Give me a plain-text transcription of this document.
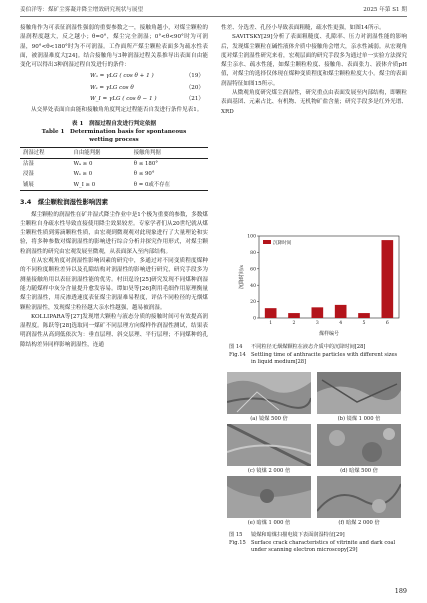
姜伯洋等：煤矿尘雾凝并降尘增效研究现状与展望	2025 年第 S1 期

接触角作为可表征润湿性强弱的重要参数之一，接触角越小，对煤尘颗粒的湿润程度越大，反之越小；θ=0°，煤尘完全润湿；0°<θ<90°时为可润湿，90°<θ<180°时为不可润湿。工作面所产煤尘颗粒表面多为疏水性表面，被润湿难度大[24]。结合接触角与3种润湿过程关系推导出表面自由能变化可以得出3种润湿过程自发进行的条件：

Wₐ = γLG ( cos θ + 1 )	（19）
Wₛ = γLG cos θ	（20）
W_I = γLG ( cos θ − 1 )	（21）

从交界处表面自由能和接触角角度判定过程能否自发进行条件见表1。

表 1　润湿过程自发进行判定依据
Table 1　Determination basis for spontaneous
wetting process
润湿过程	自由能判据	接触角判据
沾湿	Wₐ ≥ 0	θ ≤ 180°
浸湿	Wₛ ≥ 0	θ ≤ 90°
铺展	W_I ≥ 0	θ = 0或不存在
3.4　煤尘颗粒润湿性影响因素

煤尘颗粒的润湿性在矿井湿式降尘作业中是1个极为重要的参数，多数煤尘颗粒自身疏水性导致直接使用降尘效果较差。专家学者们从20世纪就从煤尘颗粒性质到雾滴颗粒性质，由宏观到微观观对此现象进行了大量理论和实验，将多种参数对煤润湿性的影响进行综合分析并探究作用形式，对煤尘颗粒润湿性的研究由宏观发展至微观，从表面深入至内部结构。

在从宏观角度对润湿性影响因素的研究中，多通过对不同变质程度煤种的不同粒度颗粒差异以及孔隙结构对润湿性的影响进行研究，研究手段多为测量接触角用以表征润湿性能的优劣。村田逞诠[25]研究发现不同煤种润湿能力随煤样中灰分含量提升愈发容易。谭如昊等[26]利用毛细作用原理衡量煤尘润湿性，用反渗透速度表征煤尘润湿难易程度，评估不同粒径的无烟煤颗粒润湿性，发现煤尘粒径越大亲水性越强，越易被润湿。

KOLLIPARA等[27]发现增大颗粒与液态分质的接触时间可有效提高润湿程度。陈跃等[28]选取同一煤矿不同层理方向煤样作润湿性测试，结果表明润湿性从高到低依次为：垂直层理、斜交层理、平行层理；不同煤种的孔隙结构差异同样影响润湿性，连通

性差、分选差、孔径小导致表面粗糙，疏水性更强，如图14所示。

SAVITSKY[29]分析了表面粗糙度、孔隙率、压力对润湿性能的影响后，发现煤尘颗粒在碱性液体介质中接触角会增大，亲水性减弱。从宏观角度对煤尘润湿性研究来看，宏观层面的研究手段多为通过单一实验方法探究煤尘亲水、疏水性能，如煤尘颗粒粒度、接触角、表面张力、液体介质pH值，对煤尘的选择仅体现在煤种变质程度和煤尘颗粒粒度大小。煤尘的表面润湿特征如图15所示。

从微观角度研究煤尘润湿性，研究重点由表面发展至内部结构，即颗粒表面基团、元素占比、有机物、无机物矿盐含量；研究手段多是红外光谱、XRD

0
20
40
60
80
100
沉降时间/s
1	2	3	4	5	6
煤样编号
沉降时间
图 14 不同粒径无烟煤颗粒在液态介质中的沉降时间[28]
Fig.14 Settling time of anthracite particles with different sizes
in liquid medium[28]
(a) 镜煤 500 倍	(b) 镜煤 1 000 倍
(c) 镜煤 2 000 倍	(d) 暗煤 500 倍
(e) 暗煤 1 000 倍	(f) 暗煤 2 000 倍
图 15 镜煤和暗煤扫描电镜下表面润湿特征[29]
Fig.15 Surface crack characteristics of vitrinite and dark coal
under scanning electron microscopy[29]
189
